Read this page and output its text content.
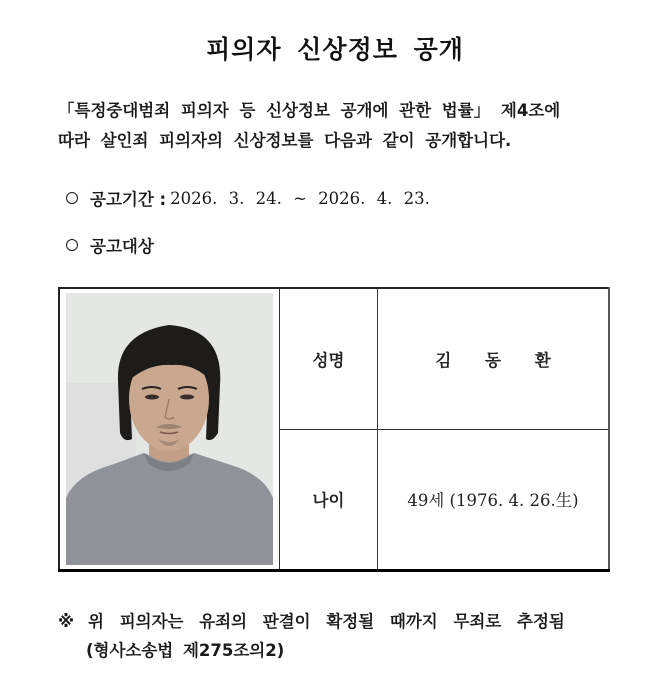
피의자 신상정보 공개
「특정중대범죄 피의자 등 신상정보 공개에 관한 법률」 제4조에
따라 살인죄 피의자의 신상정보를 다음과 같이 공개합니다.
공고기간 : 2026. 3. 24. ~ 2026. 4. 23.
공고대상
	성명	김 동 환
	나이	49세 (1976. 4. 26.生)
※ 위 피의자는 유죄의 판결이 확정될 때까지 무죄로 추정됨
(형사소송법 제275조의2)
